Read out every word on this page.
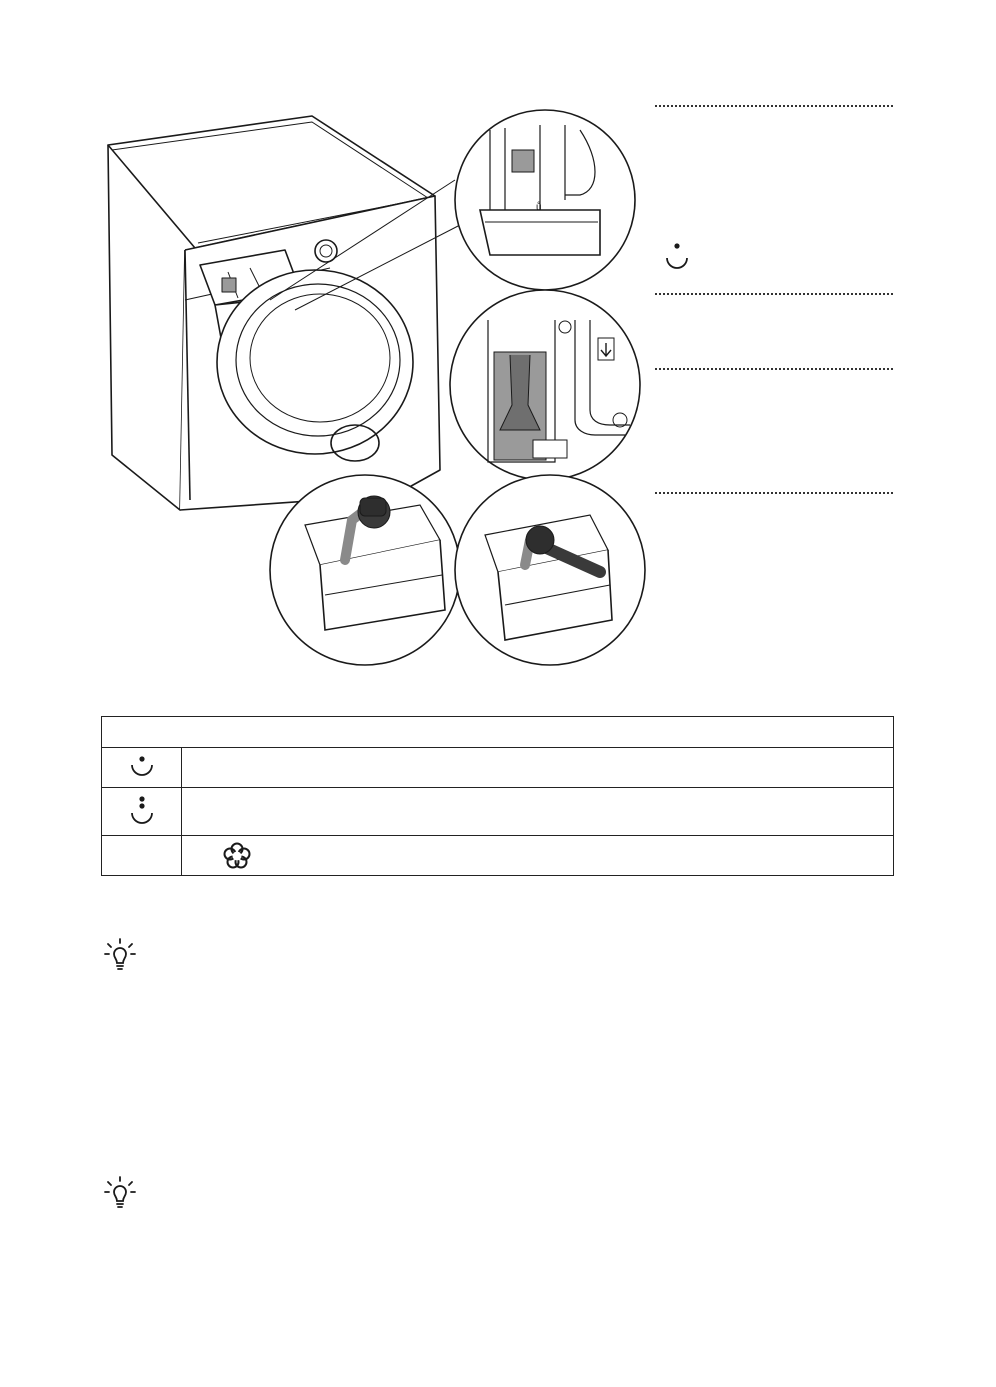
ů
